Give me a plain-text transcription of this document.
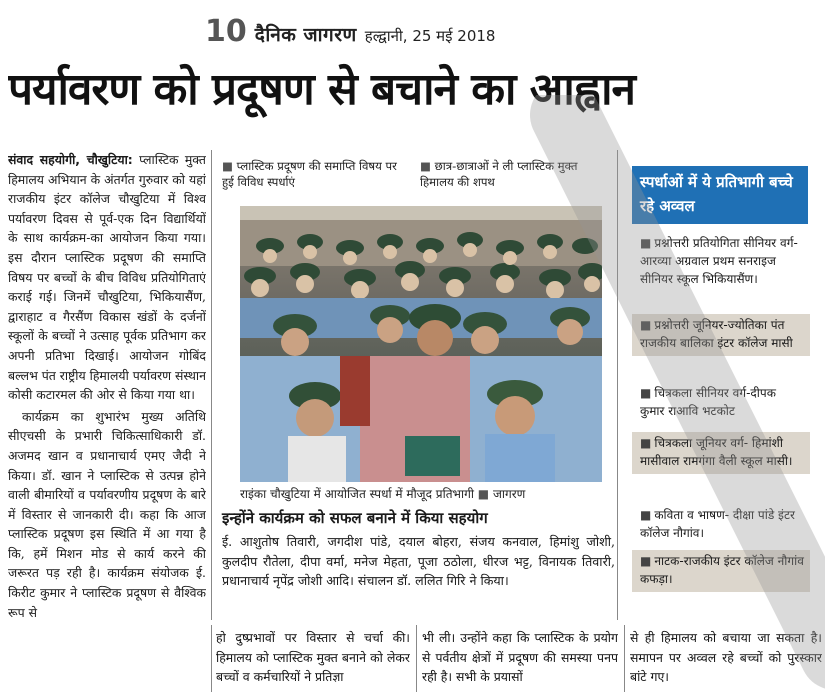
10 दैनिक जागरण हल्द्वानी, 25 मई 2018
पर्यावरण को प्रदूषण से बचाने का आह्वान

संवाद सहयोगी, चौखुटिया: प्लास्टिक मुक्त हिमालय अभियान के अंतर्गत गुरुवार को यहां राजकीय इंटर कॉलेज चौखुटिया में विश्व पर्यावरण दिवस से पूर्व-एक दिन विद्यार्थियों के साथ कार्यक्रम-का आयोजन किया गया। इस दौरान प्लास्टिक प्रदूषण की समाप्ति विषय पर बच्चों के बीच विविध प्रतियोगिताएं कराई गई। जिनमें चौखुटिया, भिकियासैंण, द्वाराहाट व गैरसैंण विकास खंडों के दर्जनों स्कूलों के बच्चों ने उत्साह पूर्वक प्रतिभाग कर अपनी प्रतिभा दिखाई। आयोजन गोबिंद बल्लभ पंत राष्ट्रीय हिमालयी पर्यावरण संस्थान कोसी कटारमल की ओर से किया गया था।

कार्यक्रम का शुभारंभ मुख्य अतिथि सीएचसी के प्रभारी चिकित्साधिकारी डॉ. अजमद खान व प्रधानाचार्य एमए जैदी ने किया। डॉ. खान ने प्लास्टिक से उत्पन्न होने वाली बीमारियों व पर्यावरणीय प्रदूषण के बारे में विस्तार से जानकारी दी। कहा कि आज प्लास्टिक प्रदूषण इस स्थिति में आ गया है कि, हमें मिशन मोड से कार्य करने की जरूरत पड़ रही है। कार्यक्रम संयोजक ई. किरीट कुमार ने प्लास्टिक प्रदूषण से वैश्विक रूप से

■ प्लास्टिक प्रदूषण की समाप्ति विषय पर हुई विविध स्पर्धाएं
■ छात्र-छात्राओं ने ली प्लास्टिक मुक्त हिमालय की शपथ
राइंका चौखुटिया में आयोजित स्पर्धा में मौजूद प्रतिभागी ■ जागरण
इन्होंने कार्यक्रम को सफल बनाने में किया सहयोग
ई. आशुतोष तिवारी, जगदीश पांडे, दयाल बोहरा, संजय कनवाल, हिमांशु जोशी, कुलदीप रौतेला, दीपा वर्मा, मनेज मेहता, पूजा ठठोला, धीरज भट्ट, विनायक तिवारी, प्रधानाचार्य नृपेंद्र जोशी आदि। संचालन डॉ. ललित गिरि ने किया।
स्पर्धाओं में ये प्रतिभागी बच्चे रहे अव्वल
■ प्रश्नोत्तरी प्रतियोगिता सीनियर वर्ग-आरव्या अग्रवाल प्रथम सनराइज सीनियर स्कूल भिकियासैंण।
■ प्रश्नोत्तरी जूनियर-ज्योतिका पंत राजकीय बालिका इंटर कॉलेज मासी
■ चित्रकला सीनियर वर्ग-दीपक कुमार राआवि भटकोट
■ चित्रकला जूनियर वर्ग- हिमांशी मासीवाल रामगंगा वैली स्कूल मासी।
■ कविता व भाषण- दीक्षा पांडे इंटर कॉलेज नौगांव।
■ नाटक-राजकीय इंटर कॉलेज नौगांव कफड़ा।
हो दुष्प्रभावों पर विस्तार से चर्चा की। हिमालय को प्लास्टिक मुक्त बनाने को लेकर बच्चों व कर्मचारियों ने प्रतिज्ञा
भी ली। उन्होंने कहा कि प्लास्टिक के प्रयोग से पर्वतीय क्षेत्रों में प्रदूषण की समस्या पनप रही है। सभी के प्रयासों
से ही हिमालय को बचाया जा सकता है। समापन पर अव्वल रहे बच्चों को पुरस्कार बांटे गए।
